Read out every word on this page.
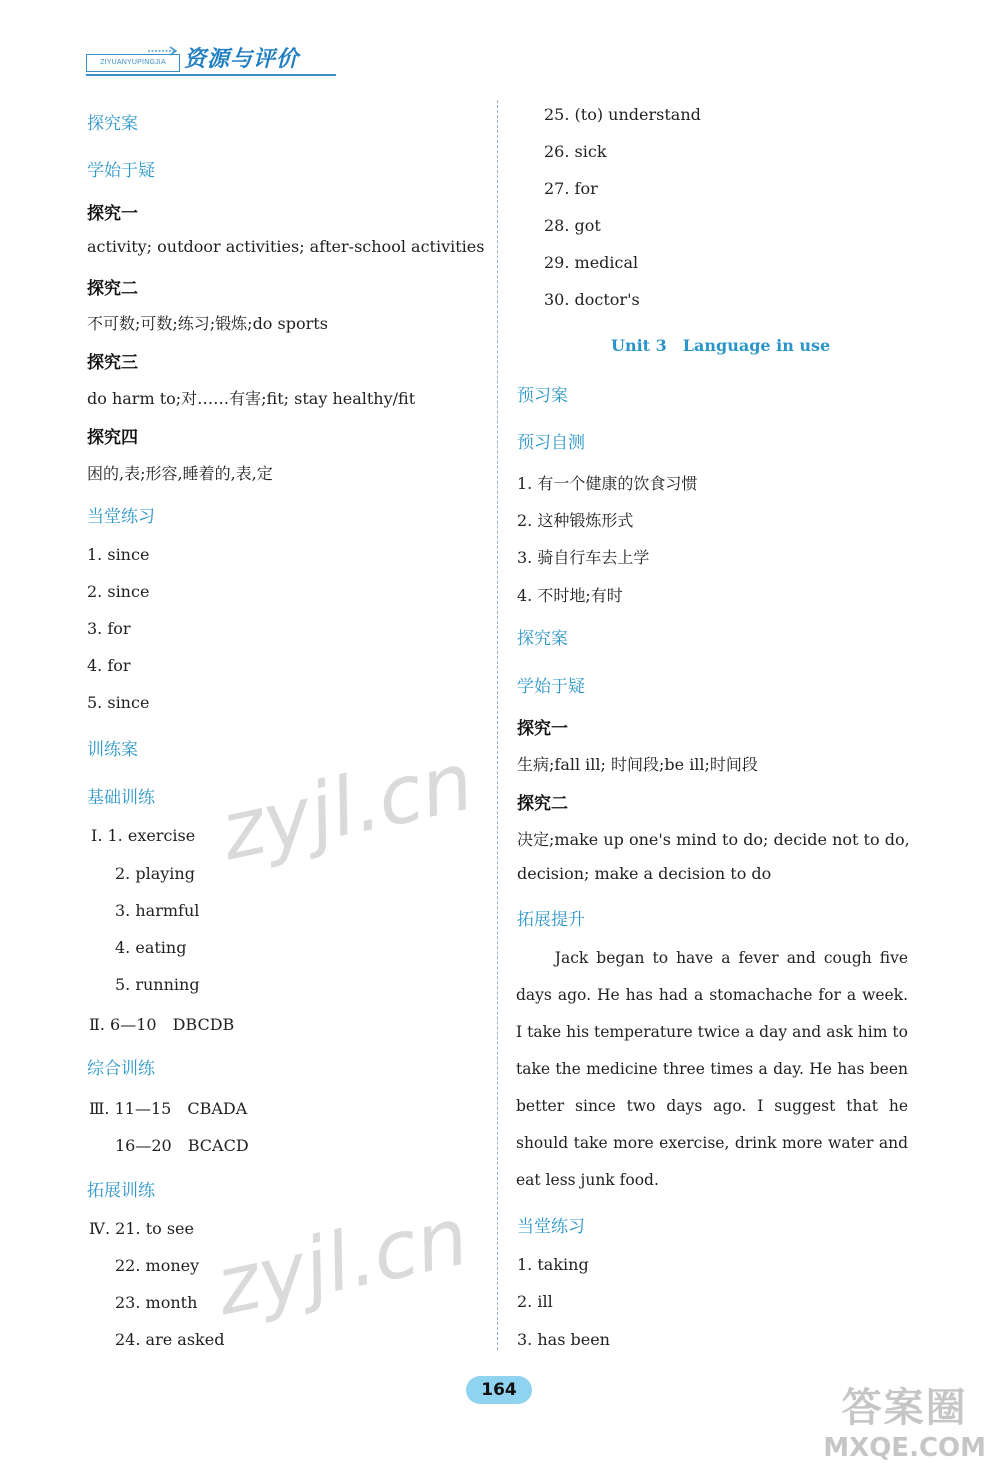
ZIYUANYUPINGJIA 资源与评价
探究案
学始于疑
探究一
activity; outdoor activities; after-school activities
探究二
不可数;可数;练习;锻炼;do sports
探究三
do harm to;对……有害;fit; stay healthy/fit
探究四
困的,表;形容,睡着的,表,定
当堂练习
1. since
2. since
3. for
4. for
5. since
训练案
基础训练
Ⅰ. 1. exercise
2. playing
3. harmful
4. eating
5. running
Ⅱ. 6—10　DBCDB
综合训练
Ⅲ. 11—15　CBADA
16—20　BCACD
拓展训练
Ⅳ. 21. to see
22. money
23. month
24. are asked
25. (to) understand
26. sick
27. for
28. got
29. medical
30. doctor's
Unit 3　Language in use
预习案
预习自测
1. 有一个健康的饮食习惯
2. 这种锻炼形式
3. 骑自行车去上学
4. 不时地;有时
探究案
学始于疑
探究一
生病;fall ill; 时间段;be ill;时间段
探究二
决定;make up one's mind to do; decide not to do,
decision; make a decision to do
拓展提升

Jack began to have a fever and cough five days ago. He has had a stomachache for a week. I take his temperature twice a day and ask him to take the medicine three times a day. He has been better since two days ago. I suggest that he should take more exercise, drink more water and eat less junk food.

当堂练习
1. taking
2. ill
3. has been
zyjl.cn
zyjl.cn
164	答案圈
MXQE.COM
